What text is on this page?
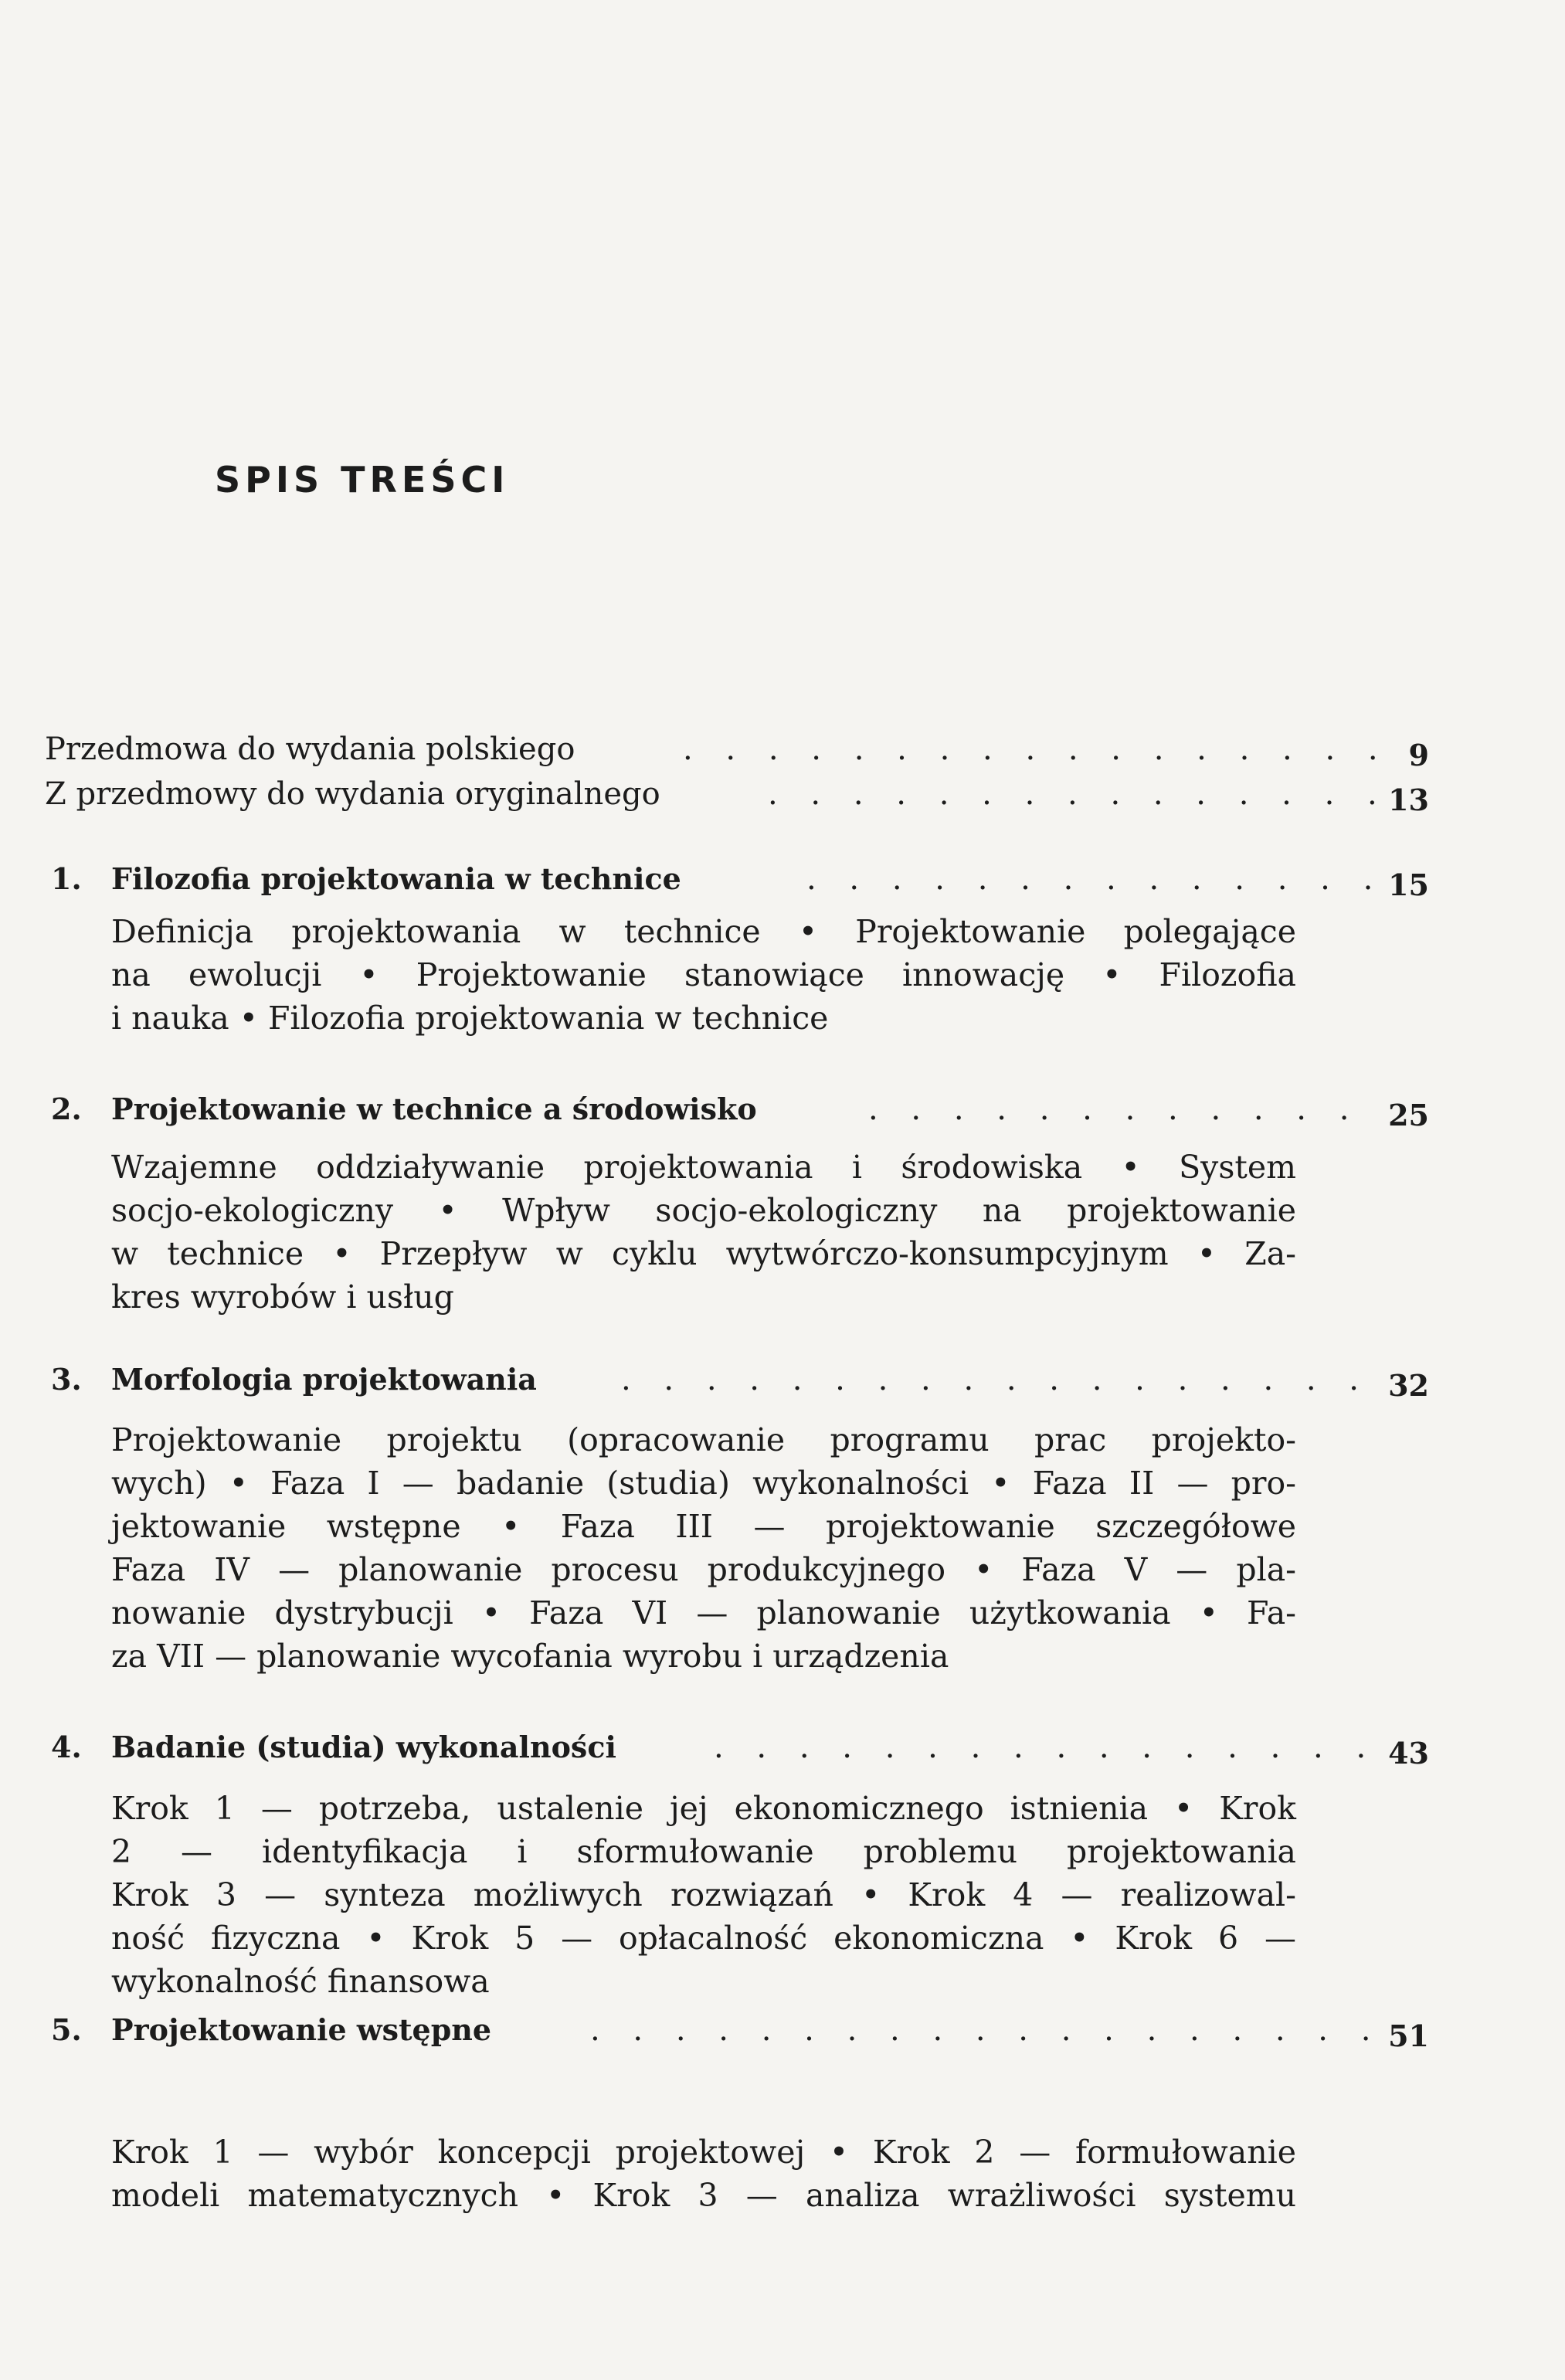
SPIS TREŚCI
Przedmowa do wydania polskiego	. . . . . . . . . . . . . . . . . 9
Z przedmowy do wydania oryginalnego	. . . . . . . . . . . . . . . 13
1. Filozofia projektowania w technice	. . . . . . . . . . . . . . 15
Definicja projektowania w technice • Projektowanie polegające
na ewolucji • Projektowanie stanowiące innowację • Filozofia
i nauka • Filozofia projektowania w technice
2. Projektowanie w technice a środowisko	. . . . . . . . . . . . 25
Wzajemne oddziaływanie projektowania i środowiska • System
socjo-ekologiczny • Wpływ socjo-ekologiczny na projektowanie
w technice • Przepływ w cyklu wytwórczo-konsumpcyjnym • Za-
kres wyrobów i usług
3. Morfologia projektowania	. . . . . . . . . . . . . . . . . . 32
Projektowanie projektu (opracowanie programu prac projekto-
wych) • Faza I — badanie (studia) wykonalności • Faza II — pro-
jektowanie wstępne • Faza III — projektowanie szczegółowe
Faza IV — planowanie procesu produkcyjnego • Faza V — pla-
nowanie dystrybucji • Faza VI — planowanie użytkowania • Fa-
za VII — planowanie wycofania wyrobu i urządzenia
4. Badanie (studia) wykonalności	. . . . . . . . . . . . . . . . 43
Krok 1 — potrzeba, ustalenie jej ekonomicznego istnienia • Krok
2 — identyfikacja i sformułowanie problemu projektowania
Krok 3 — synteza możliwych rozwiązań • Krok 4 — realizowal-
ność fizyczna • Krok 5 — opłacalność ekonomiczna • Krok 6 —
wykonalność finansowa
5. Projektowanie wstępne	. . . . . . . . . . . . . . . . . . . 51
Krok 1 — wybór koncepcji projektowej • Krok 2 — formułowanie
modeli matematycznych • Krok 3 — analiza wrażliwości systemu
